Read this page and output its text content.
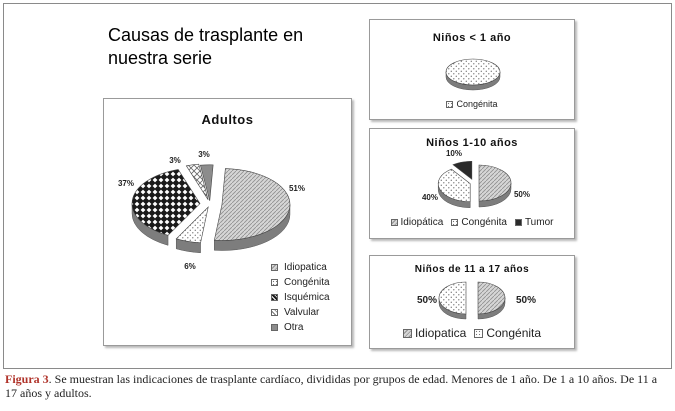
Causas de trasplante en
nuestra serie
Adultos
51%
6%
37%
3%
3%
Idiopatica
Congénita
Isquémica
Valvular
Otra
Niños < 1 año
Congénita
Niños 1-10 años
50%
40%
10%
Idiopática Congénita Tumor
Niños de 11 a 17 años
50%
50%
Idiopatica Congénita
Figura 3. Se muestran las indicaciones de trasplante cardíaco, divididas por grupos de edad. Menores de 1 año. De 1 a 10 años. De 11 a 17 años y adultos.
